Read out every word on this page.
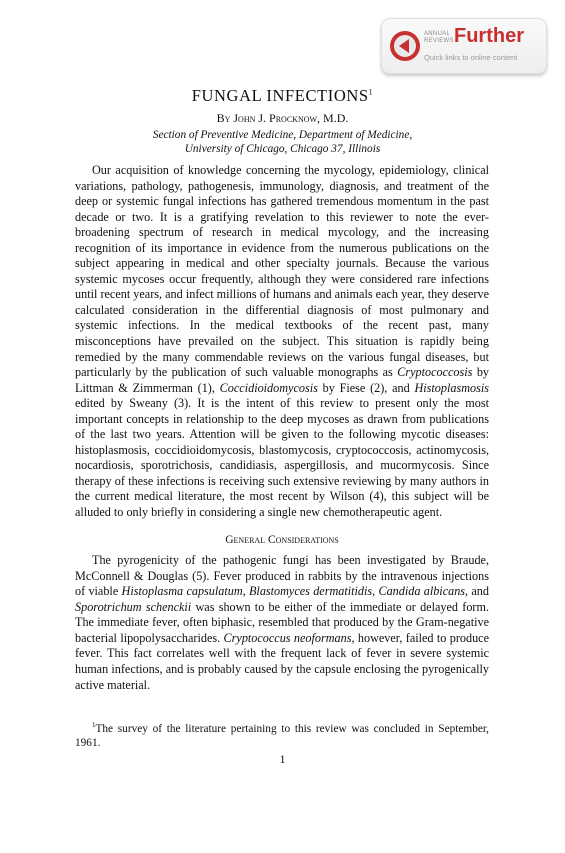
ANNUAL
REVIEWS Further
Quick links to online content
FUNGAL INFECTIONS$^1$
By John J. Procknow, M.D.
Section of Preventive Medicine, Department of Medicine,
University of Chicago, Chicago 37, Illinois

Our acquisition of knowledge concerning the mycology, epidemiology, clinical variations, pathology, pathogenesis, immunology, diagnosis, and treatment of the deep or systemic fungal infections has gathered tremendous momentum in the past decade or two. It is a gratifying revelation to this reviewer to note the ever-broadening spectrum of research in medical mycology, and the increasing recognition of its importance in evidence from the numerous publications on the subject appearing in medical and other specialty journals. Because the various systemic mycoses occur frequently, although they were considered rare infections until recent years, and infect millions of humans and animals each year, they deserve calculated consideration in the differential diagnosis of most pulmonary and systemic infections. In the medical textbooks of the recent past, many misconceptions have prevailed on the subject. This situation is rapidly being remedied by the many commendable reviews on the various fungal diseases, but particularly by the publication of such valuable monographs as Cryptococcosis by Littman & Zimmerman (1), Coccidioidomycosis by Fiese (2), and Histoplasmosis edited by Sweany (3). It is the intent of this review to present only the most important concepts in relationship to the deep mycoses as drawn from publications of the last two years. Attention will be given to the following mycotic diseases: histoplasmosis, coccidioidomycosis, blastomycosis, cryptococcosis, actinomycosis, nocardiosis, sporotrichosis, candidiasis, aspergillosis, and mucormycosis. Since therapy of these infections is receiving such extensive reviewing by many authors in the current medical literature, the most recent by Wilson (4), this subject will be alluded to only briefly in considering a single new chemotherapeutic agent.

General Considerations

The pyrogenicity of the pathogenic fungi has been investigated by Braude, McConnell & Douglas (5). Fever produced in rabbits by the intravenous injections of viable Histoplasma capsulatum, Blastomyces dermatitidis, Candida albicans, and Sporotrichum schenckii was shown to be either of the immediate or delayed form. The immediate fever, often biphasic, resembled that produced by the Gram-negative bacterial lipopolysaccharides. Cryptococcus neoformans, however, failed to produce fever. This fact correlates well with the frequent lack of fever in severe systemic human infections, and is probably caused by the capsule enclosing the pyrogenically active material.

$^1$The survey of the literature pertaining to this review was concluded in September, 1961.
1
